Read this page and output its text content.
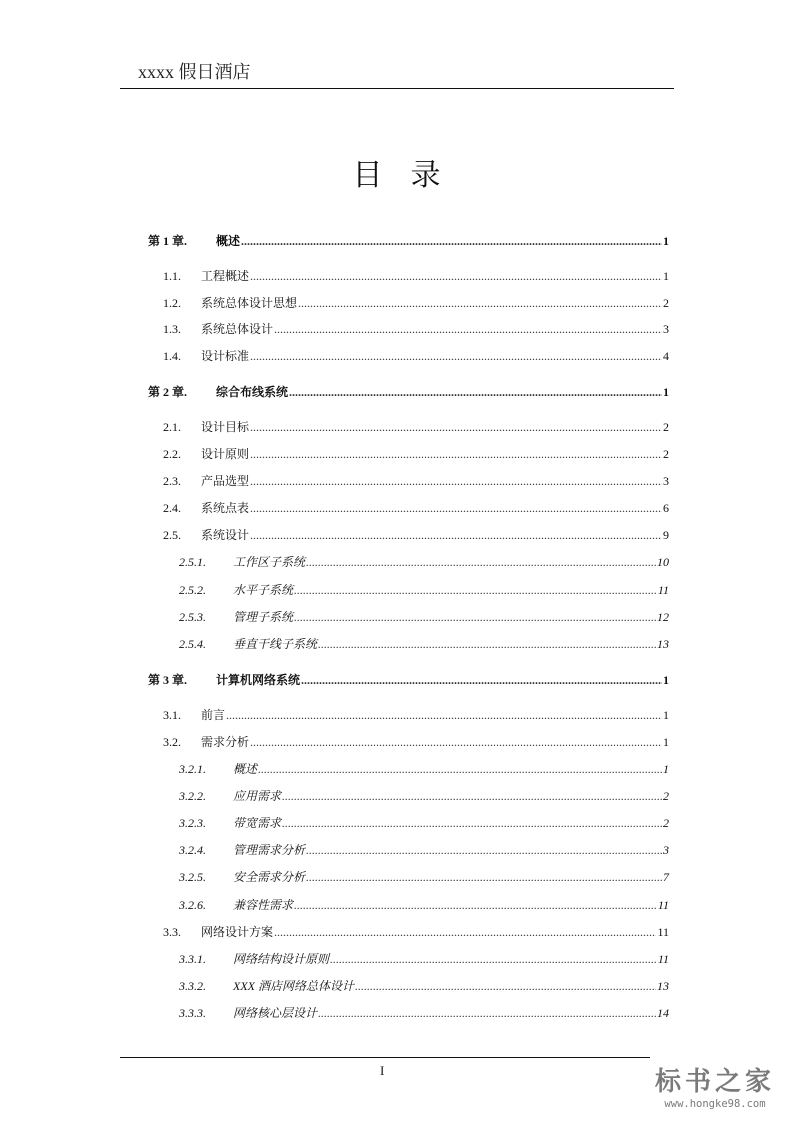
xxxx 假日酒店
目录
第 1 章.	概述 .....	1
1.1.	工程概述 .....	1
1.2.	系统总体设计思想 .....	2
1.3.	系统总体设计 .....	3
1.4.	设计标准 .....	4
第 2 章.	综合布线系统 .....	1
2.1.	设计目标 .....	2
2.2.	设计原则 .....	2
2.3.	产品选型 .....	3
2.4.	系统点表 .....	6
2.5.	系统设计 .....	9
2.5.1.	工作区子系统 .....	10
2.5.2.	水平子系统 .....	11
2.5.3.	管理子系统 .....	12
2.5.4.	垂直干线子系统 .....	13
第 3 章.	计算机网络系统 .....	1
3.1.	前言 .....	1
3.2.	需求分析 .....	1
3.2.1.	概述 .....	1
3.2.2.	应用需求 .....	2
3.2.3.	带宽需求 .....	2
3.2.4.	管理需求分析 .....	3
3.2.5.	安全需求分析 .....	7
3.2.6.	兼容性需求 .....	11
3.3.	网络设计方案 .....	11
3.3.1.	网络结构设计原则 .....	11
3.3.2.	XXX 酒店网络总体设计 .....	13
3.3.3.	网络核心层设计 .....	14
I	标书之家
www.hongke98.com
